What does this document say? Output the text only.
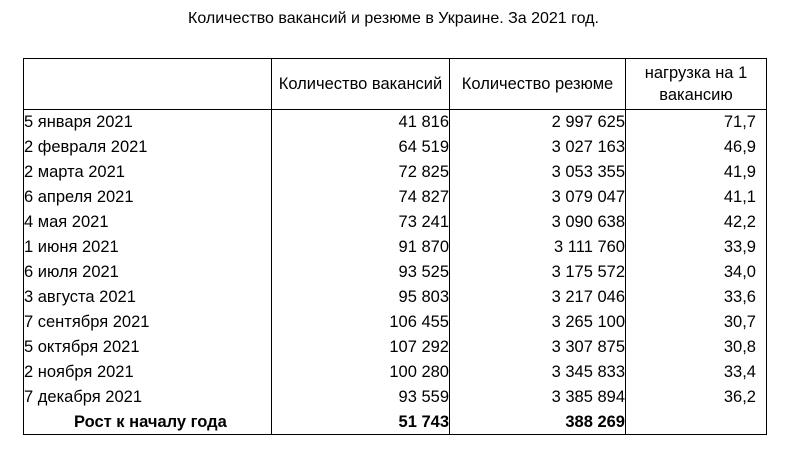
Количество вакансий и резюме в Украине. За 2021 год.
	Количество вакансий	Количество резюме	нагрузка на 1 вакансию
5 января 2021	41 816	2 997 625	71,7
2 февраля 2021	64 519	3 027 163	46,9
2 марта 2021	72 825	3 053 355	41,9
6 апреля 2021	74 827	3 079 047	41,1
4 мая 2021	73 241	3 090 638	42,2
1 июня 2021	91 870	3 111 760	33,9
6 июля 2021	93 525	3 175 572	34,0
3 августа 2021	95 803	3 217 046	33,6
7 сентября 2021	106 455	3 265 100	30,7
5 октября 2021	107 292	3 307 875	30,8
2 ноября 2021	100 280	3 345 833	33,4
7 декабря 2021	93 559	3 385 894	36,2
Рост к началу года	51 743	388 269	
